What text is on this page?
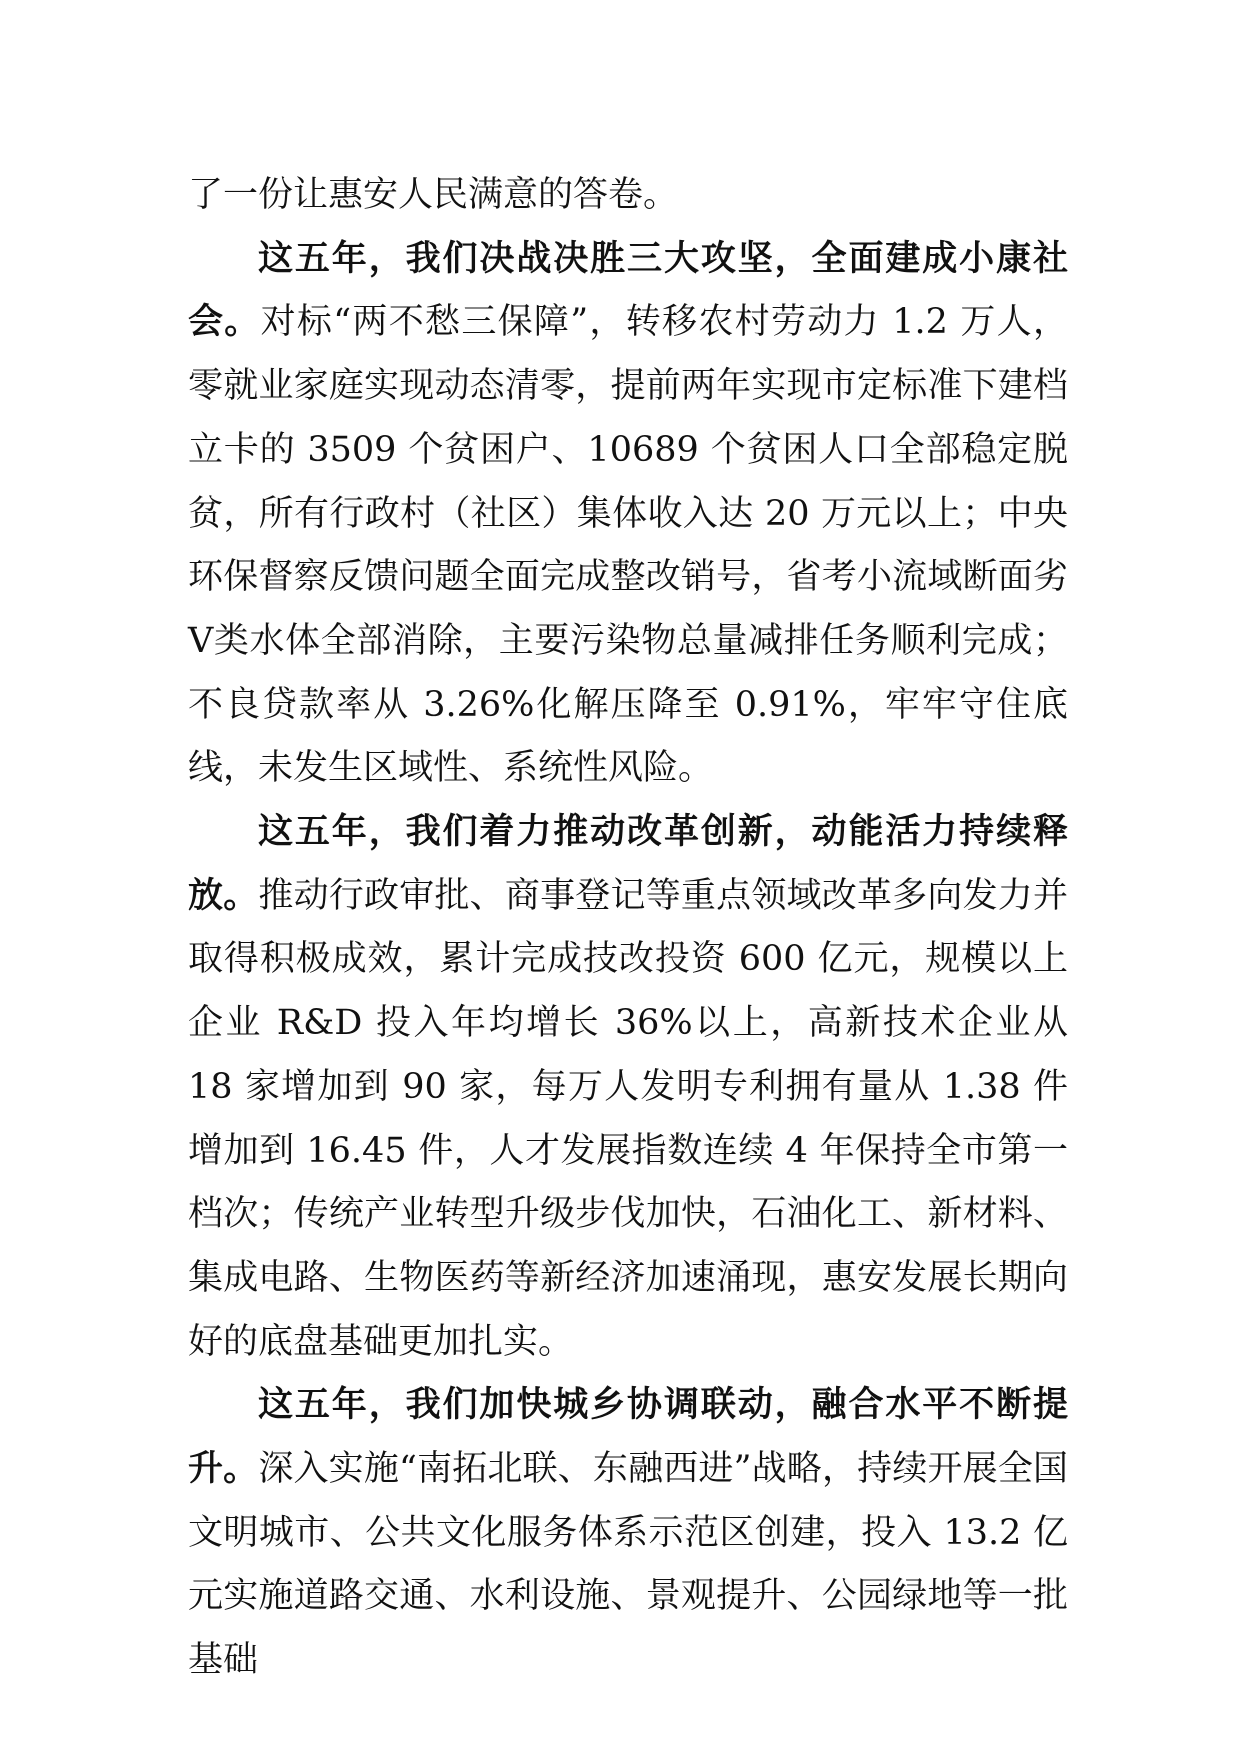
了一份让惠安人民满意的答卷。

这五年，我们决战决胜三大攻坚，全面建成小康社会。对标“两不愁三保障”，转移农村劳动力 1.2 万人，零就业家庭实现动态清零，提前两年实现市定标准下建档立卡的 3509 个贫困户、10689 个贫困人口全部稳定脱贫，所有行政村（社区）集体收入达 20 万元以上；中央环保督察反馈问题全面完成整改销号，省考小流域断面劣Ⅴ类水体全部消除，主要污染物总量减排任务顺利完成；不良贷款率从 3.26%化解压降至 0.91%，牢牢守住底线，未发生区域性、系统性风险。

这五年，我们着力推动改革创新，动能活力持续释放。推动行政审批、商事登记等重点领域改革多向发力并取得积极成效，累计完成技改投资 600 亿元，规模以上企业 R&D 投入年均增长 36%以上，高新技术企业从 18 家增加到 90 家，每万人发明专利拥有量从 1.38 件增加到 16.45 件，人才发展指数连续 4 年保持全市第一档次；传统产业转型升级步伐加快，石油化工、新材料、集成电路、生物医药等新经济加速涌现，惠安发展长期向好的底盘基础更加扎实。

这五年，我们加快城乡协调联动，融合水平不断提升。深入实施“南拓北联、东融西进”战略，持续开展全国文明城市、公共文化服务体系示范区创建，投入 13.2 亿元实施道路交通、水利设施、景观提升、公园绿地等一批基础
